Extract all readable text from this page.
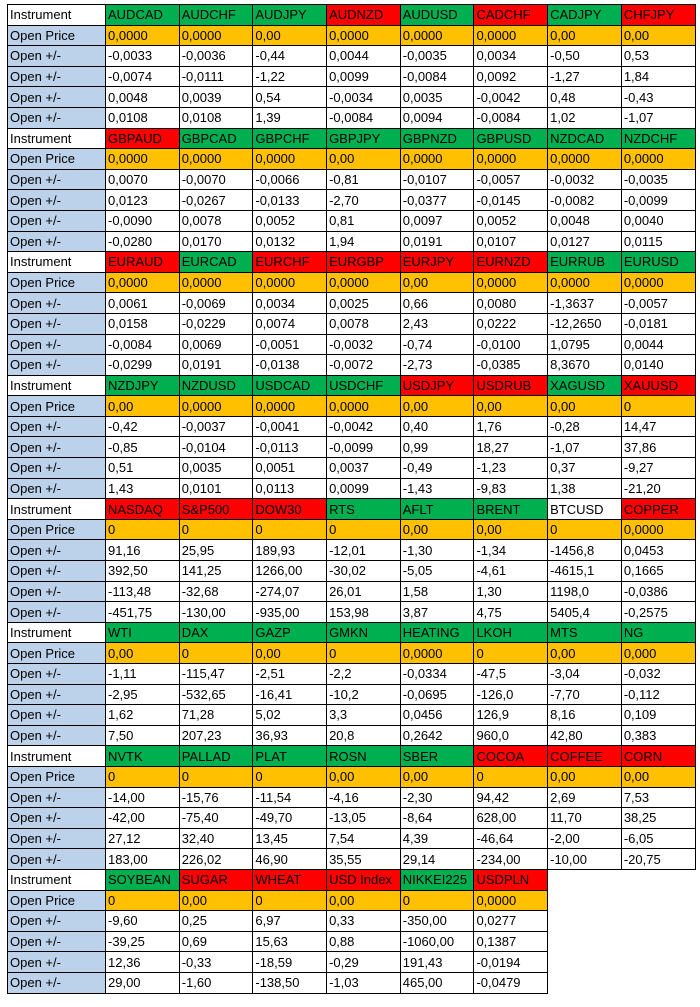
Instrument	AUDCAD	AUDCHF	AUDJPY	AUDNZD	AUDUSD	CADCHF	CADJPY	CHFJPY
Open Price	0,0000	0,0000	0,00	0,0000	0,0000	0,0000	0,00	0,00
Open +/-	-0,0033	-0,0036	-0,44	0,0044	-0,0035	0,0034	-0,50	0,53
Open +/-	-0,0074	-0,0111	-1,22	0,0099	-0,0084	0,0092	-1,27	1,84
Open +/-	0,0048	0,0039	0,54	-0,0034	0,0035	-0,0042	0,48	-0,43
Open +/-	0,0108	0,0108	1,39	-0,0084	0,0094	-0,0084	1,02	-1,07
Instrument	GBPAUD	GBPCAD	GBPCHF	GBPJPY	GBPNZD	GBPUSD	NZDCAD	NZDCHF
Open Price	0,0000	0,0000	0,0000	0,00	0,0000	0,0000	0,0000	0,0000
Open +/-	0,0070	-0,0070	-0,0066	-0,81	-0,0107	-0,0057	-0,0032	-0,0035
Open +/-	0,0123	-0,0267	-0,0133	-2,70	-0,0377	-0,0145	-0,0082	-0,0099
Open +/-	-0,0090	0,0078	0,0052	0,81	0,0097	0,0052	0,0048	0,0040
Open +/-	-0,0280	0,0170	0,0132	1,94	0,0191	0,0107	0,0127	0,0115
Instrument	EURAUD	EURCAD	EURCHF	EURGBP	EURJPY	EURNZD	EURRUB	EURUSD
Open Price	0,0000	0,0000	0,0000	0,0000	0,00	0,0000	0,0000	0,0000
Open +/-	0,0061	-0,0069	0,0034	0,0025	0,66	0,0080	-1,3637	-0,0057
Open +/-	0,0158	-0,0229	0,0074	0,0078	2,43	0,0222	-12,2650	-0,0181
Open +/-	-0,0084	0,0069	-0,0051	-0,0032	-0,74	-0,0100	1,0795	0,0044
Open +/-	-0,0299	0,0191	-0,0138	-0,0072	-2,73	-0,0385	8,3670	0,0140
Instrument	NZDJPY	NZDUSD	USDCAD	USDCHF	USDJPY	USDRUB	XAGUSD	XAUUSD
Open Price	0,00	0,0000	0,0000	0,0000	0,00	0,00	0,00	0
Open +/-	-0,42	-0,0037	-0,0041	-0,0042	0,40	1,76	-0,28	14,47
Open +/-	-0,85	-0,0104	-0,0113	-0,0099	0,99	18,27	-1,07	37,86
Open +/-	0,51	0,0035	0,0051	0,0037	-0,49	-1,23	0,37	-9,27
Open +/-	1,43	0,0101	0,0113	0,0099	-1,43	-9,83	1,38	-21,20
Instrument	NASDAQ	S&P500	DOW30	RTS	AFLT	BRENT	BTCUSD	COPPER
Open Price	0	0	0	0	0,00	0,00	0	0,0000
Open +/-	91,16	25,95	189,93	-12,01	-1,30	-1,34	-1456,8	0,0453
Open +/-	392,50	141,25	1266,00	-30,02	-5,05	-4,61	-4615,1	0,1665
Open +/-	-113,48	-32,68	-274,07	26,01	1,58	1,30	1198,0	-0,0386
Open +/-	-451,75	-130,00	-935,00	153,98	3,87	4,75	5405,4	-0,2575
Instrument	WTI	DAX	GAZP	GMKN	HEATING	LKOH	MTS	NG
Open Price	0,00	0	0,00	0	0,0000	0	0,00	0,000
Open +/-	-1,11	-115,47	-2,51	-2,2	-0,0334	-47,5	-3,04	-0,032
Open +/-	-2,95	-532,65	-16,41	-10,2	-0,0695	-126,0	-7,70	-0,112
Open +/-	1,62	71,28	5,02	3,3	0,0456	126,9	8,16	0,109
Open +/-	7,50	207,23	36,93	20,8	0,2642	960,0	42,80	0,383
Instrument	NVTK	PALLAD	PLAT	ROSN	SBER	COCOA	COFFEE	CORN
Open Price	0	0	0	0,00	0,00	0	0,00	0,00
Open +/-	-14,00	-15,76	-11,54	-4,16	-2,30	94,42	2,69	7,53
Open +/-	-42,00	-75,40	-49,70	-13,05	-8,64	628,00	11,70	38,25
Open +/-	27,12	32,40	13,45	7,54	4,39	-46,64	-2,00	-6,05
Open +/-	183,00	226,02	46,90	35,55	29,14	-234,00	-10,00	-20,75
Instrument	SOYBEAN	SUGAR	WHEAT	USD Index	NIKKEI225	USDPLN		
Open Price	0	0,00	0	0,00	0	0,0000		
Open +/-	-9,60	0,25	6,97	0,33	-350,00	0,0277		
Open +/-	-39,25	0,69	15,63	0,88	-1060,00	0,1387		
Open +/-	12,36	-0,33	-18,59	-0,29	191,43	-0,0194		
Open +/-	29,00	-1,60	-138,50	-1,03	465,00	-0,0479		
